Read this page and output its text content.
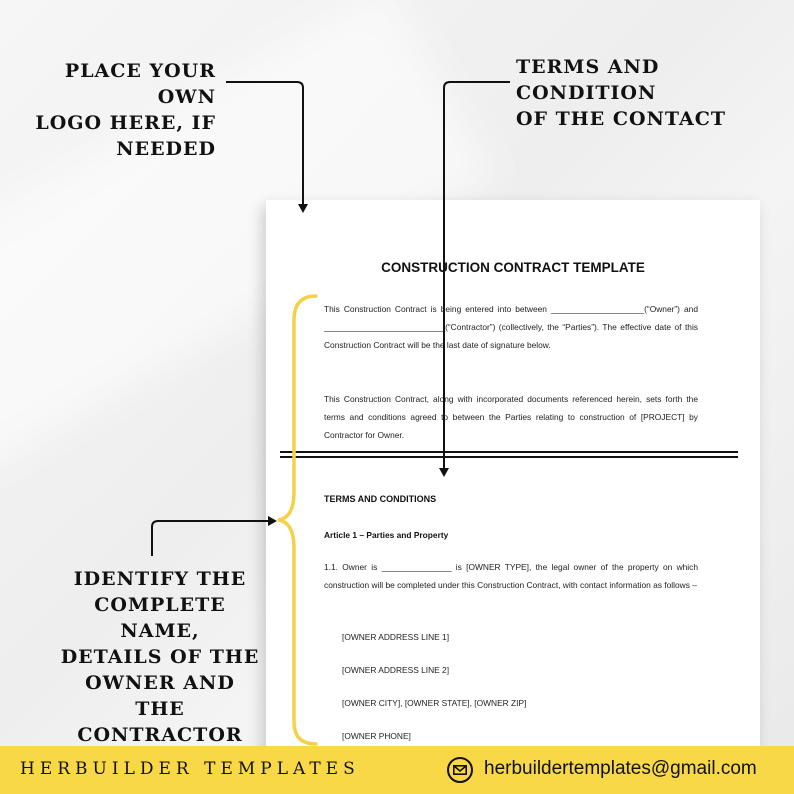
PLACE YOUR OWN
LOGO HERE, IF
NEEDED
TERMS AND CONDITION
OF THE CONTACT
IDENTIFY THE
COMPLETE NAME,
DETAILS OF THE
OWNER AND THE
CONTRACTOR
CONSTRUCTION CONTRACT TEMPLATE

This Construction Contract is being entered into between ____________________(“Owner”) and __________________________(“Contractor”) (collectively, the “Parties”). The effective date of this Construction Contract will be the last date of signature below.

This Construction Contract, along with incorporated documents referenced herein, sets forth the terms and conditions agreed to between the Parties relating to construction of [PROJECT] by Contractor for Owner.

TERMS AND CONDITIONS
Article 1 – Parties and Property

1.1. Owner is _______________ is [OWNER TYPE], the legal owner of the property on which construction will be completed under this Construction Contract, with contact information as follows –

[OWNER ADDRESS LINE 1]
[OWNER ADDRESS LINE 2]
[OWNER CITY], [OWNER STATE], [OWNER ZIP]
[OWNER PHONE]
HERBUILDER TEMPLATES	herbuildertemplates@gmail.com
